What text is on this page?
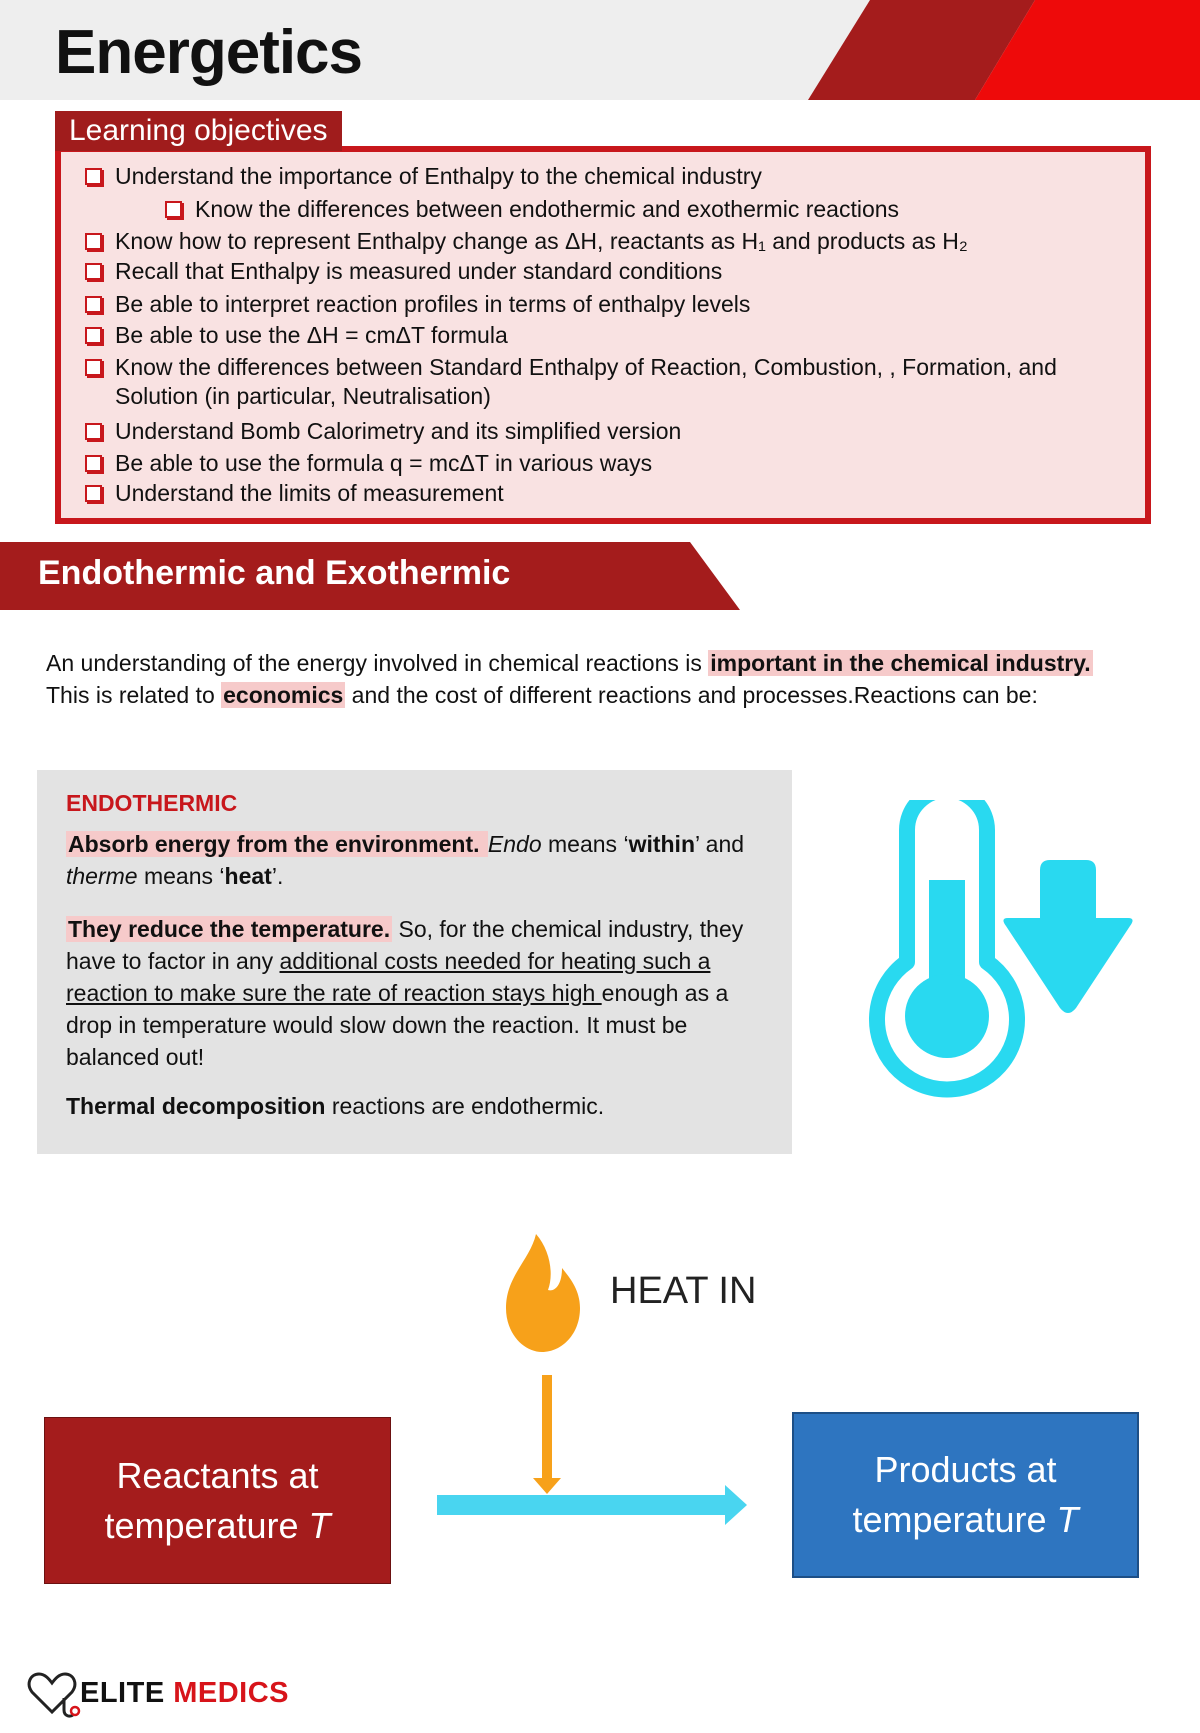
Energetics
Understand the importance of Enthalpy to the chemical industry
Know the differences between endothermic and exothermic reactions
Know how to represent Enthalpy change as ΔH, reactants as H₁ and products as H₂
Recall that Enthalpy is measured under standard conditions
Be able to interpret reaction profiles in terms of enthalpy levels
Be able to use the ΔH = cmΔT formula
Know the differences between Standard Enthalpy of Reaction, Combustion, , Formation, and Solution (in particular, Neutralisation)
Understand Bomb Calorimetry and its simplified version
Be able to use the formula q = mcΔT in various ways
Understand the limits of measurement
Learning objectives
Endothermic and Exothermic
An understanding of the energy involved in chemical reactions is important in the chemical industry. This is related to economics and the cost of different reactions and processes.Reactions can be:
ENDOTHERMIC
Absorb energy from the environment. Endo means ‘within’ and therme means ‘heat’.
They reduce the temperature. So, for the chemical industry, they have to factor in any additional costs needed for heating such a reaction to make sure the rate of reaction stays high enough as a drop in temperature would slow down the reaction. It must be balanced out!
Thermal decomposition reactions are endothermic.
HEAT IN
Reactants at
temperature T
Products at
temperature T
ELITE MEDICS
